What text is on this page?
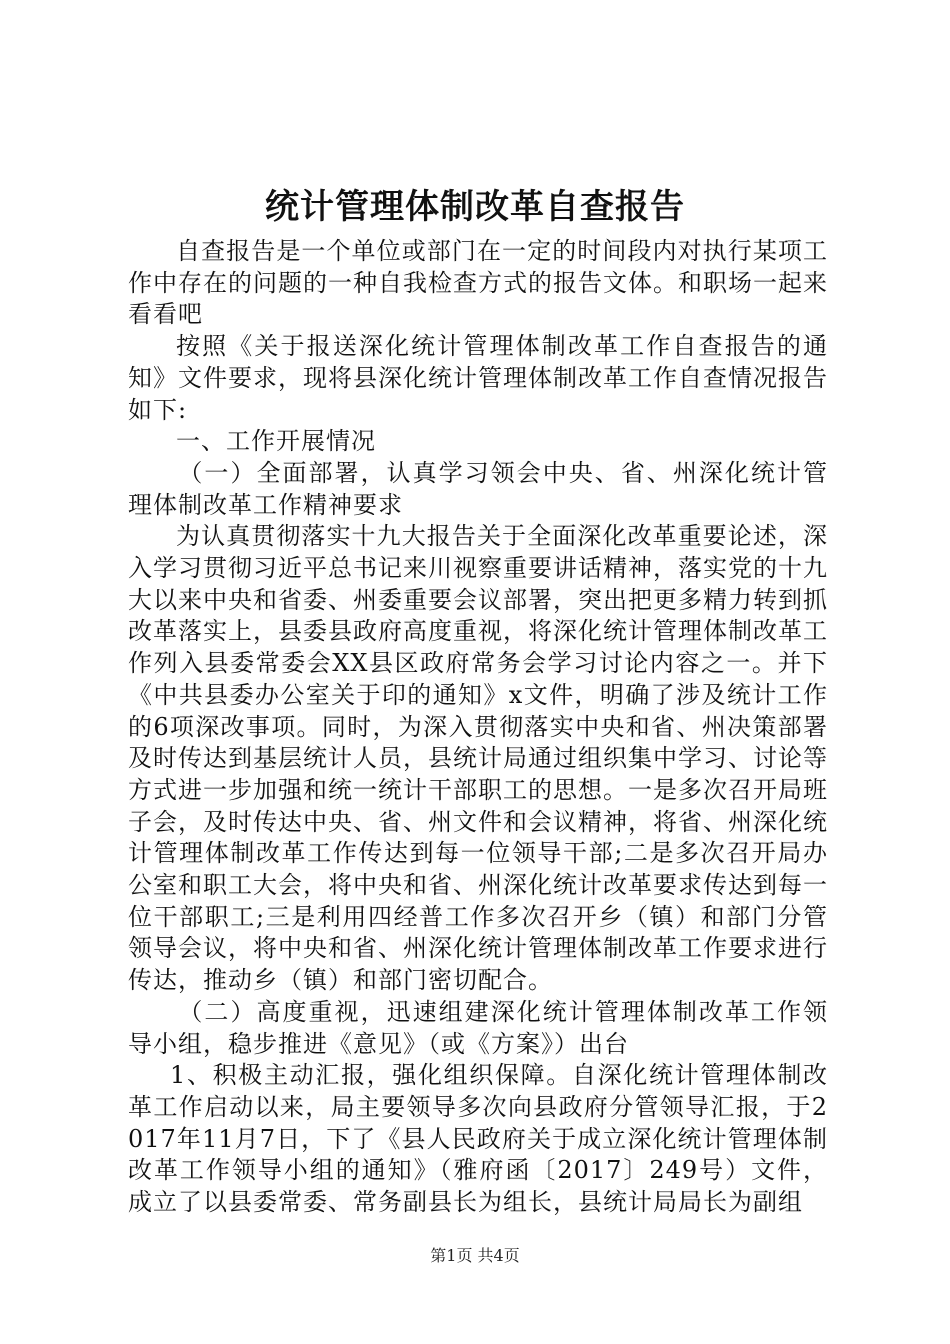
统计管理体制改革自查报告

自查报告是一个单位或部门在一定的时间段内对执行某项工作中存在的问题的一种自我检查方式的报告文体。和职场一起来看看吧

按照《关于报送深化统计管理体制改革工作自查报告的通知》文件要求，现将县深化统计管理体制改革工作自查情况报告如下:

一、工作开展情况

（一）全面部署，认真学习领会中央、省、州深化统计管理体制改革工作精神要求

为认真贯彻落实十九大报告关于全面深化改革重要论述，深入学习贯彻习近平总书记来川视察重要讲话精神，落实党的十九大以来中央和省委、州委重要会议部署，突出把更多精力转到抓改革落实上，县委县政府高度重视，将深化统计管理体制改革工作列入县委常委会XX县区政府常务会学习讨论内容之一。并下《中共县委办公室关于印的通知》x文件，明确了涉及统计工作的6项深改事项。同时，为深入贯彻落实中央和省、州决策部署及时传达到基层统计人员，县统计局通过组织集中学习、讨论等方式进一步加强和统一统计干部职工的思想。一是多次召开局班子会，及时传达中央、省、州文件和会议精神，将省、州深化统计管理体制改革工作传达到每一位领导干部;二是多次召开局办公室和职工大会，将中央和省、州深化统计改革要求传达到每一位干部职工;三是利用四经普工作多次召开乡（镇）和部门分管领导会议，将中央和省、州深化统计管理体制改革工作要求进行传达，推动乡（镇）和部门密切配合。

（二）高度重视，迅速组建深化统计管理体制改革工作领导小组，稳步推进《意见》（或《方案》）出台

1、积极主动汇报，强化组织保障。自深化统计管理体制改革工作启动以来，局主要领导多次向县政府分管领导汇报，于2017年11月7日，下了《县人民政府关于成立深化统计管理体制改革工作领导小组的通知》（雅府函〔2017〕249号）文件，成立了以县委常委、常务副县长为组长，县统计局局长为副组

第1页 共4页
